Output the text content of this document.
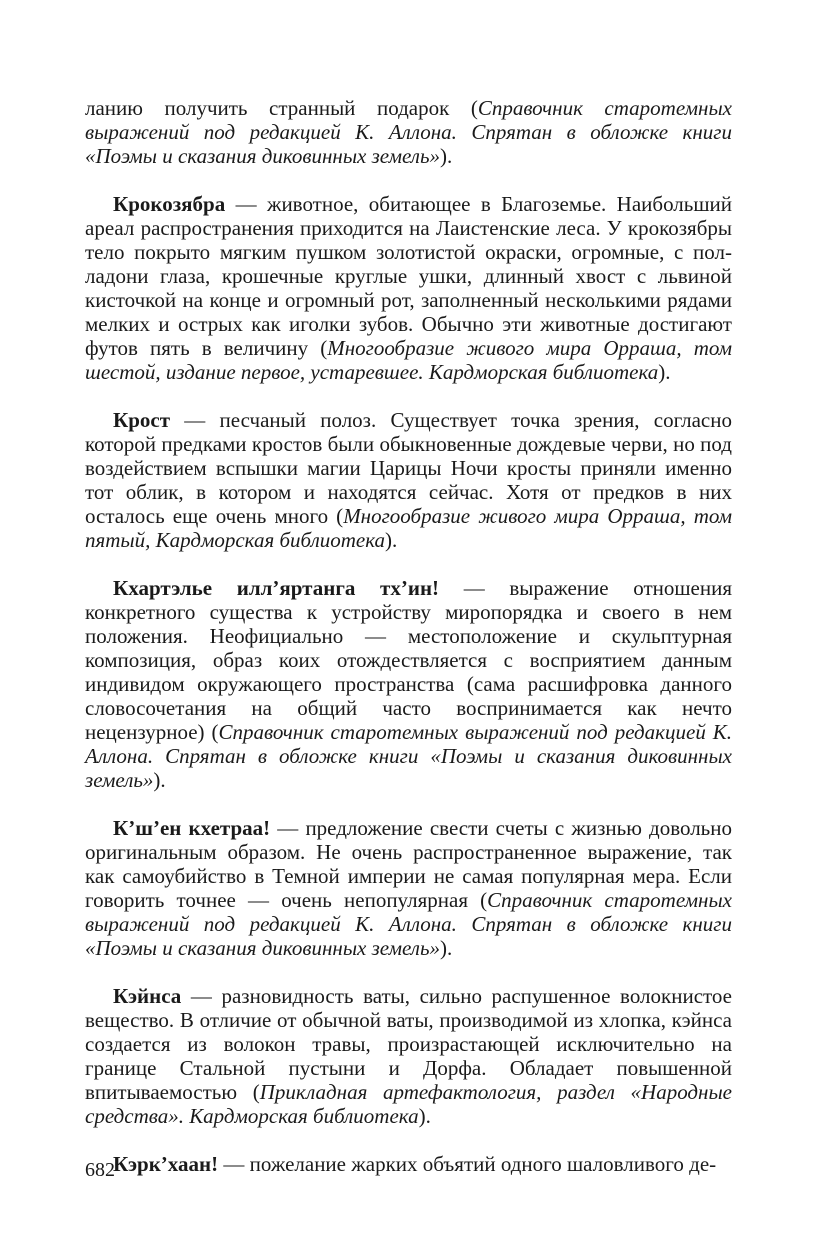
ланию получить странный подарок (Справочник старотемных выражений под редакцией К. Аллона. Спрятан в обложке книги «Поэмы и сказания диковинных земель»).

Крокозябра — животное, обитающее в Благоземье. Наибольший ареал распространения приходится на Лаистенские леса. У крокозябры тело покрыто мягким пушком золотистой окраски, огромные, с пол-ладони глаза, крошечные круглые ушки, длинный хвост с львиной кисточкой на конце и огромный рот, заполненный несколькими рядами мелких и острых как иголки зубов. Обычно эти животные достигают футов пять в величину (Многообразие живого мира Орраша, том шестой, издание первое, устаревшее. Кардморская библиотека).

Крост — песчаный полоз. Существует точка зрения, согласно которой предками кростов были обыкновенные дождевые черви, но под воздействием вспышки магии Царицы Ночи кросты приняли именно тот облик, в котором и находятся сейчас. Хотя от предков в них осталось еще очень много (Многообразие живого мира Орраша, том пятый, Кардморская библиотека).

Кхартэлье илл’яртанга тх’ин! — выражение отношения конкретного существа к устройству миропорядка и своего в нем положения. Неофициально — местоположение и скульптурная композиция, образ коих отождествляется с восприятием данным индивидом окружающего пространства (сама расшифровка данного словосочетания на общий часто воспринимается как нечто нецензурное) (Справочник старотемных выражений под редакцией К. Аллона. Спрятан в обложке книги «Поэмы и сказания диковинных земель»).

К’ш’ен кхетраа! — предложение свести счеты с жизнью довольно оригинальным образом. Не очень распространенное выражение, так как самоубийство в Темной империи не самая популярная мера. Если говорить точнее — очень непопулярная (Справочник старотемных выражений под редакцией К. Аллона. Спрятан в обложке книги «Поэмы и сказания диковинных земель»).

Кэйнса — разновидность ваты, сильно распушенное волокнистое вещество. В отличие от обычной ваты, производимой из хлопка, кэйнса создается из волокон травы, произрастающей исключительно на границе Стальной пустыни и Дорфа. Обладает повышенной впитываемостью (Прикладная артефактология, раздел «Народные средства». Кардморская библиотека).

Кэрк’хаан! — пожелание жарких объятий одного шаловливого де-

682
